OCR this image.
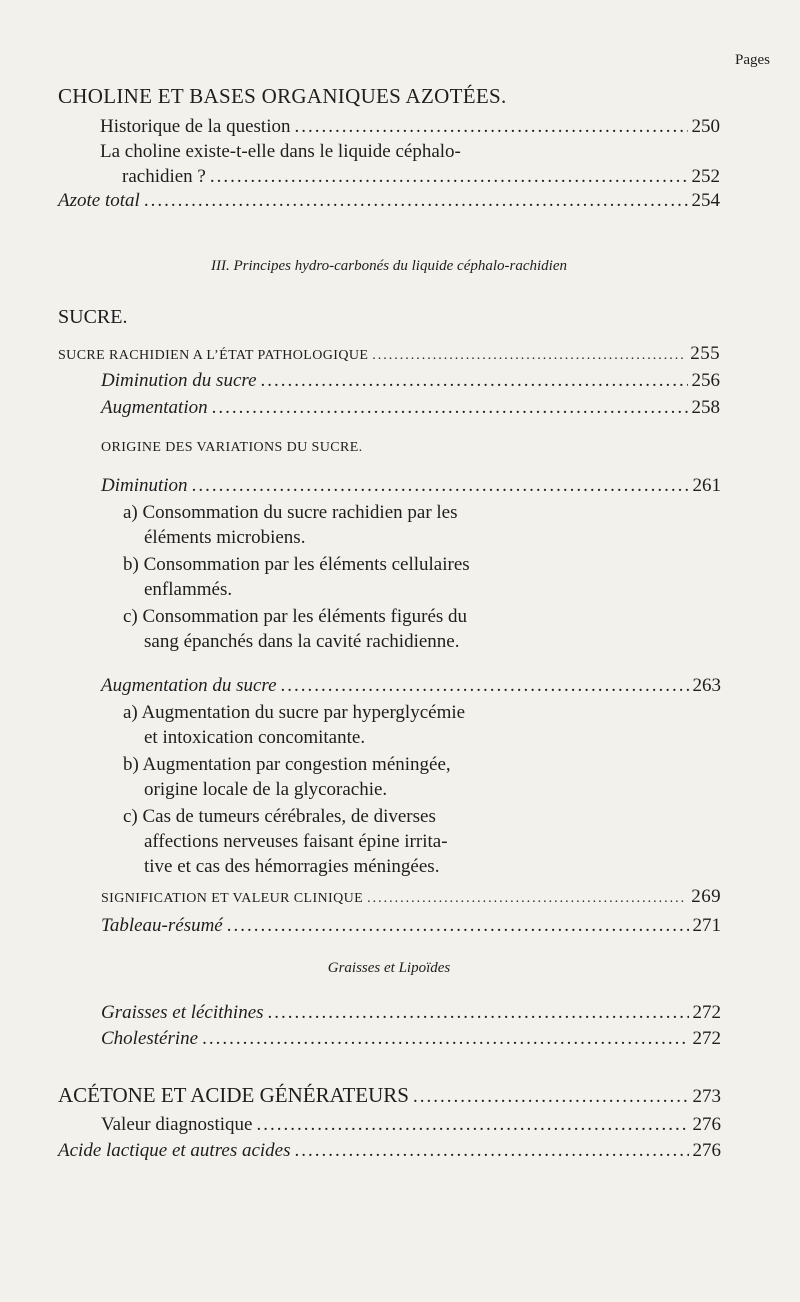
Pages
CHOLINE ET BASES ORGANIQUES AZOTÉES.
Historique de la question .....	250
La choline existe-t-elle dans le liquide céphalo-
rachidien ? .....	252
Azote total .....	254
III. Principes hydro-carbonés du liquide céphalo-rachidien
SUCRE.
SUCRE RACHIDIEN A L’ÉTAT PATHOLOGIQUE .....	255
Diminution du sucre .....	256
Augmentation .....	258
ORIGINE DES VARIATIONS DU SUCRE.
Diminution .....	261
a) Consommation du sucre rachidien par les
éléments microbiens.
b) Consommation par les éléments cellulaires
enflammés.
c) Consommation par les éléments figurés du
sang épanchés dans la cavité rachidienne.
Augmentation du sucre .....	263
a) Augmentation du sucre par hyperglycémie
et intoxication concomitante.
b) Augmentation par congestion méningée,
origine locale de la glycorachie.
c) Cas de tumeurs cérébrales, de diverses
affections nerveuses faisant épine irrita-
tive et cas des hémorragies méningées.
SIGNIFICATION ET VALEUR CLINIQUE .....	269
Tableau-résumé .....	271
Graisses et Lipoïdes
Graisses et lécithines .....	272
Cholestérine .....	272
ACÉTONE ET ACIDE GÉNÉRATEURS .....	273
Valeur diagnostique .....	276
Acide lactique et autres acides .....	276
